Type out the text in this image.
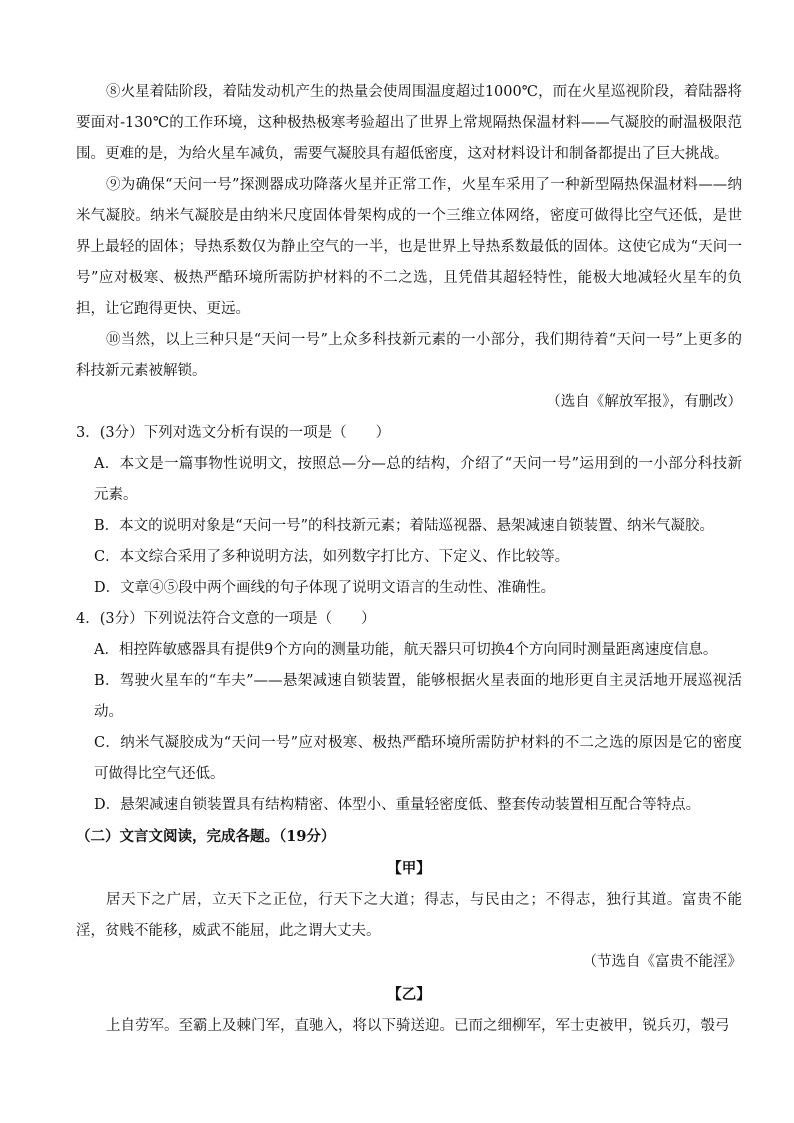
⑧火星着陆阶段，着陆发动机产生的热量会使周围温度超过1000℃，而在火星巡视阶段，着陆器将要面对-130℃的工作环境，这种极热极寒考验超出了世界上常规隔热保温材料——气凝胶的耐温极限范围。更难的是，为给火星车减负，需要气凝胶具有超低密度，这对材料设计和制备都提出了巨大挑战。

⑨为确保“天问一号”探测器成功降落火星并正常工作，火星车采用了一种新型隔热保温材料——纳米气凝胶。纳米气凝胶是由纳米尺度固体骨架构成的一个三维立体网络，密度可做得比空气还低，是世界上最轻的固体；导热系数仅为静止空气的一半，也是世界上导热系数最低的固体。这使它成为“天问一号”应对极寒、极热严酷环境所需防护材料的不二之选，且凭借其超轻特性，能极大地减轻火星车的负担，让它跑得更快、更远。

⑩当然，以上三种只是“天问一号”上众多科技新元素的一小部分，我们期待着“天问一号”上更多的科技新元素被解锁。

（选自《解放军报》，有删改）

3．(3分）下列对选文分析有误的一项是（　　）

A．本文是一篇事物性说明文，按照总—分—总的结构，介绍了“天问一号”运用到的一小部分科技新元素。

B．本文的说明对象是“天问一号”的科技新元素；着陆巡视器、悬架减速自锁装置、纳米气凝胶。

C．本文综合采用了多种说明方法，如列数字打比方、下定义、作比较等。

D．文章④⑤段中两个画线的句子体现了说明文语言的生动性、准确性。

4．(3分）下列说法符合文意的一项是（　　）

A．相控阵敏感器具有提供9个方向的测量功能，航天器只可切换4个方向同时测量距离速度信息。

B．驾驶火星车的“车夫”——悬架减速自锁装置，能够根据火星表面的地形更自主灵活地开展巡视活动。

C．纳米气凝胶成为“天问一号”应对极寒、极热严酷环境所需防护材料的不二之选的原因是它的密度可做得比空气还低。

D．悬架减速自锁装置具有结构精密、体型小、重量轻密度低、整套传动装置相互配合等特点。

（二）文言文阅读，完成各题。（19分）

【甲】

居天下之广居，立天下之正位，行天下之大道；得志，与民由之；不得志，独行其道。富贵不能淫，贫贱不能移，威武不能屈，此之谓大丈夫。

（节选自《富贵不能淫》

【乙】

上自劳军。至霸上及棘门军，直驰入，将以下骑送迎。已而之细柳军，军士吏被甲，锐兵刃，彀弓
